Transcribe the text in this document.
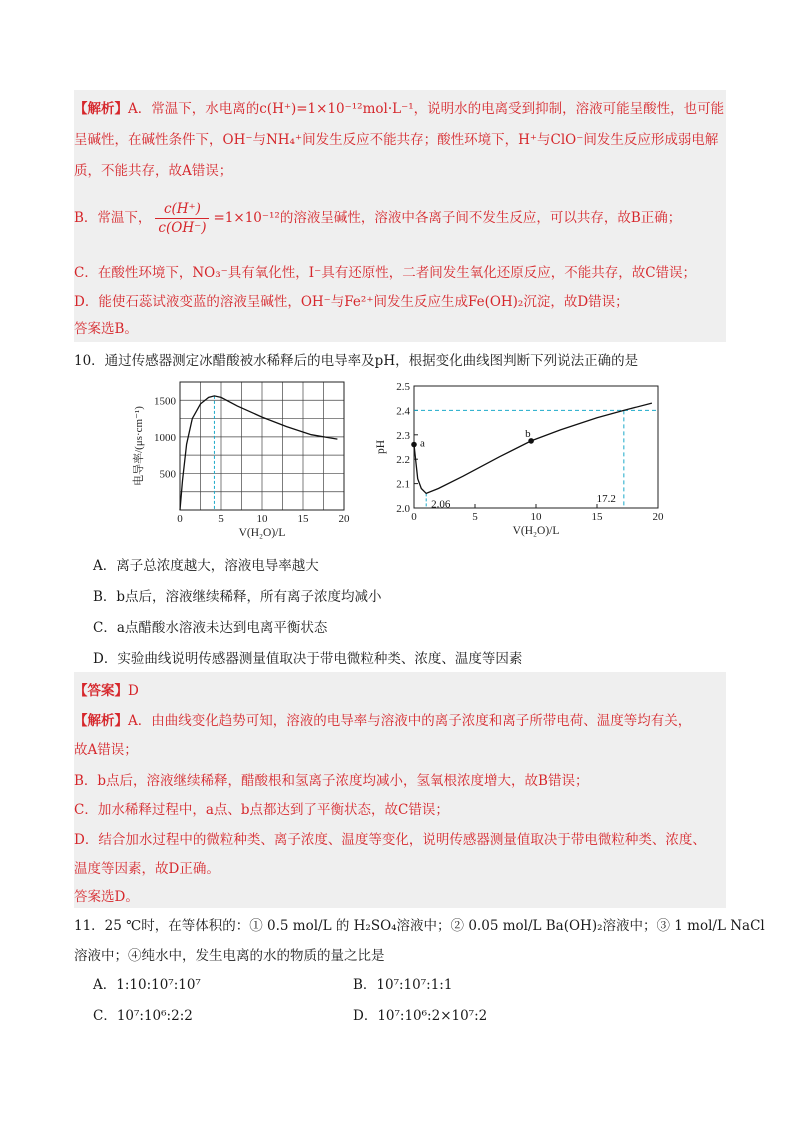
【解析】A．常温下，水电离的c(H⁺)=1×10⁻¹²mol·L⁻¹，说明水的电离受到抑制，溶液可能呈酸性，也可能
呈碱性，在碱性条件下，OH⁻与NH₄⁺间发生反应不能共存；酸性环境下，H⁺与ClO⁻间发生反应形成弱电解
质，不能共存，故A错误；
B．常温下， $\frac{c(H^+)}{c(OH^-)} =1\times 10^{-12}$的溶液呈碱性，溶液中各离子间不发生反应，可以共存，故B正确；
C．在酸性环境下，NO₃⁻具有氧化性，I⁻具有还原性，二者间发生氧化还原反应，不能共存，故C错误；
D．能使石蕊试液变蓝的溶液呈碱性，OH⁻与Fe²⁺间发生反应生成Fe(OH)₂沉淀，故D错误；
答案选B。
10．通过传感器测定冰醋酸被水稀释后的电导率及pH，根据变化曲线图判断下列说法正确的是
0	5	10	15	20
500
1000
1500
V(H₂O)/L
电导率/(μs·cm⁻¹)
0	5	10	15	20
2.0
2.1
2.2
2.3
2.4
2.5
V(H₂O)/L
pH	a
b
2.06	17.2
A．离子总浓度越大，溶液电导率越大
B．b点后，溶液继续稀释，所有离子浓度均减小
C．a点醋酸水溶液未达到电离平衡状态
D．实验曲线说明传感器测量值取决于带电微粒种类、浓度、温度等因素
【答案】D
【解析】A．由曲线变化趋势可知，溶液的电导率与溶液中的离子浓度和离子所带电荷、温度等均有关，
故A错误；
B．b点后，溶液继续稀释，醋酸根和氢离子浓度均减小，氢氧根浓度增大，故B错误；
C．加水稀释过程中，a点、b点都达到了平衡状态，故C错误；
D．结合加水过程中的微粒种类、离子浓度、温度等变化，说明传感器测量值取决于带电微粒种类、浓度、
温度等因素，故D正确。
答案选D。
11．25 ℃时，在等体积的：① 0.5 mol/L 的 H₂SO₄溶液中；② 0.05 mol/L Ba(OH)₂溶液中；③ 1 mol/L NaCl
溶液中；④纯水中，发生电离的水的物质的量之比是
A．1:10:10⁷:10⁷	B．10⁷:10⁷:1:1
C．10⁷:10⁶:2:2	D．10⁷:10⁶:2×10⁷:2
